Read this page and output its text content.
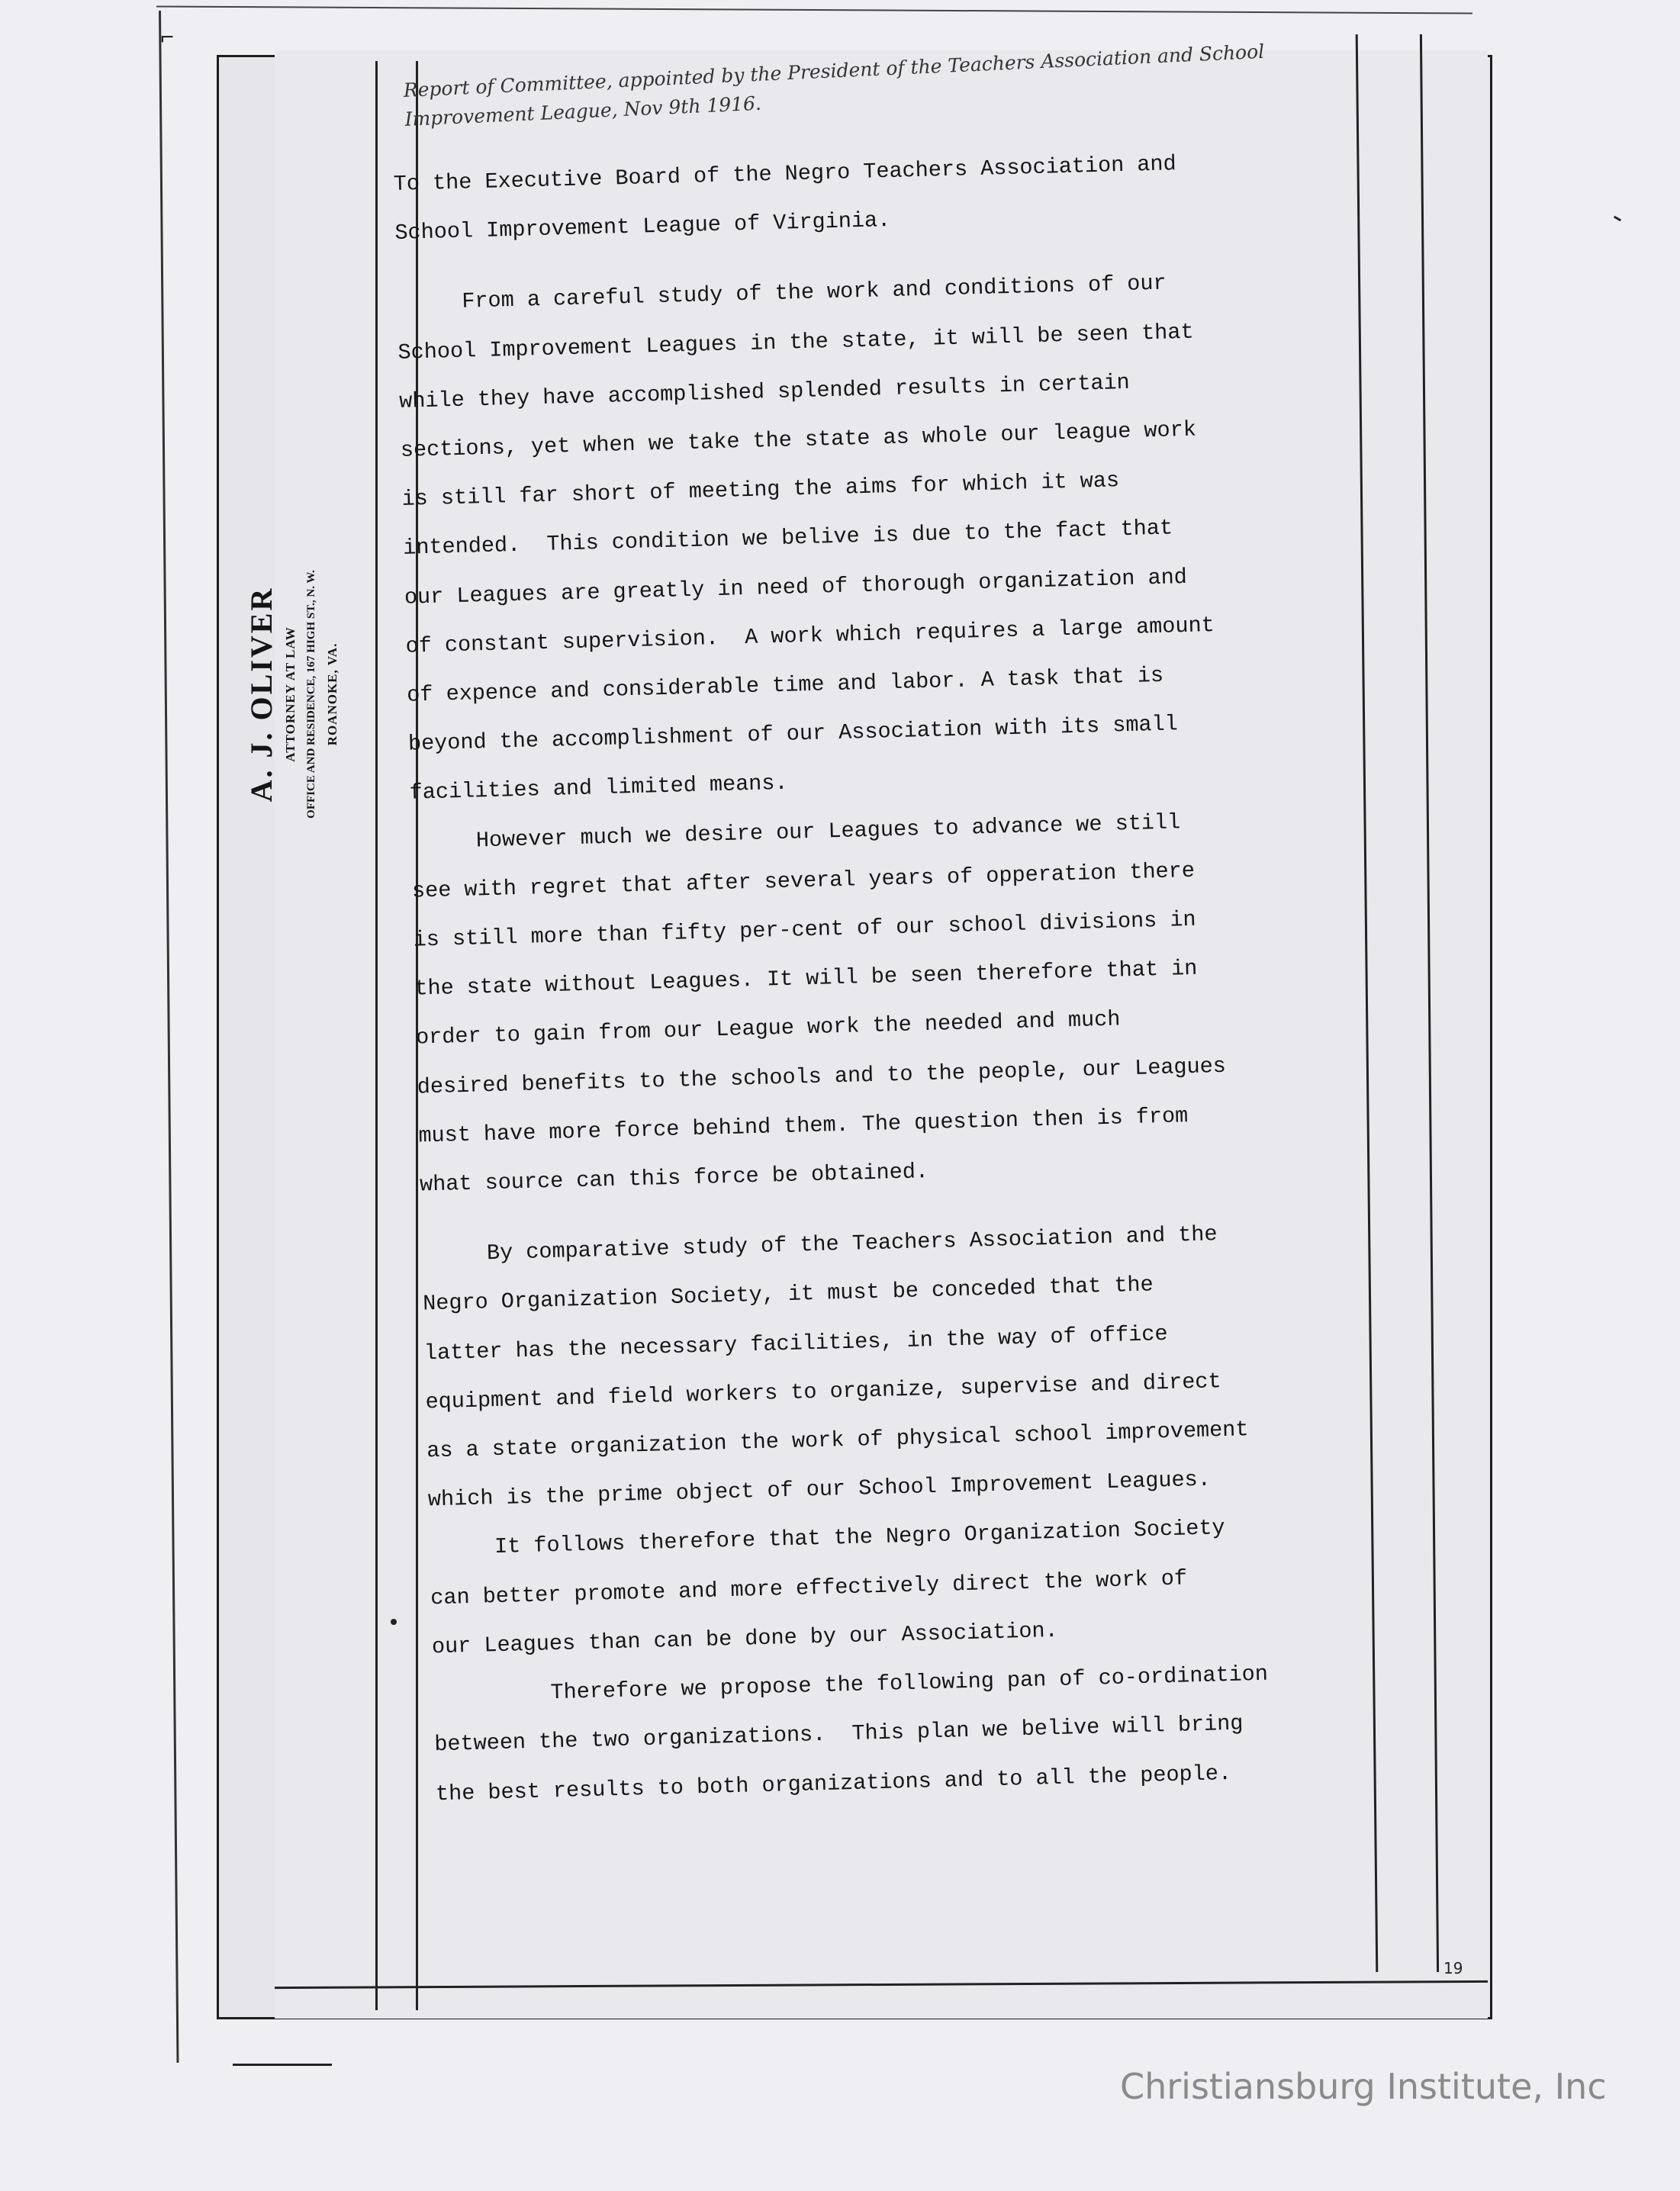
⌐
A. J. OLIVER ATTORNEY AT LAW OFFICE AND RESIDENCE, 167 HIGH ST., N. W. ROANOKE, VA.
Report of Committee, appointed by the President of the Teachers Association and School Improvement League, Nov 9th 1916.

To the Executive Board of the Negro Teachers Association and

School Improvement League of Virginia.

From a careful study of the work and conditions of our

School Improvement Leagues in the state, it will be seen that

while they have accomplished splended results in certain

sections, yet when we take the state as whole our league work

is still far short of meeting the aims for which it was

intended.  This condition we belive is due to the fact that

our Leagues are greatly in need of thorough organization and

of constant supervision.  A work which requires a large amount

of expence and considerable time and labor. A task that is

beyond the accomplishment of our Association with its small

facilities and limited means.

However much we desire our Leagues to advance we still

see with regret that after several years of opperation there

is still more than fifty per-cent of our school divisions in

the state without Leagues. It will be seen therefore that in

order to gain from our League work the needed and much

desired benefits to the schools and to the people, our Leagues

must have more force behind them. The question then is from

what source can this force be obtained.

By comparative study of the Teachers Association and the

Negro Organization Society, it must be conceded that the

latter has the necessary facilities, in the way of office

equipment and field workers to organize, supervise and direct

as a state organization the work of physical school improvement

which is the prime object of our School Improvement Leagues.

It follows therefore that the Negro Organization Society

can better promote and more effectively direct the work of

our Leagues than can be done by our Association.

Therefore we propose the following pan of co-ordination

between the two organizations.  This plan we belive will bring

the best results to both organizations and to all the people.

19
Christiansburg Institute, Inc
